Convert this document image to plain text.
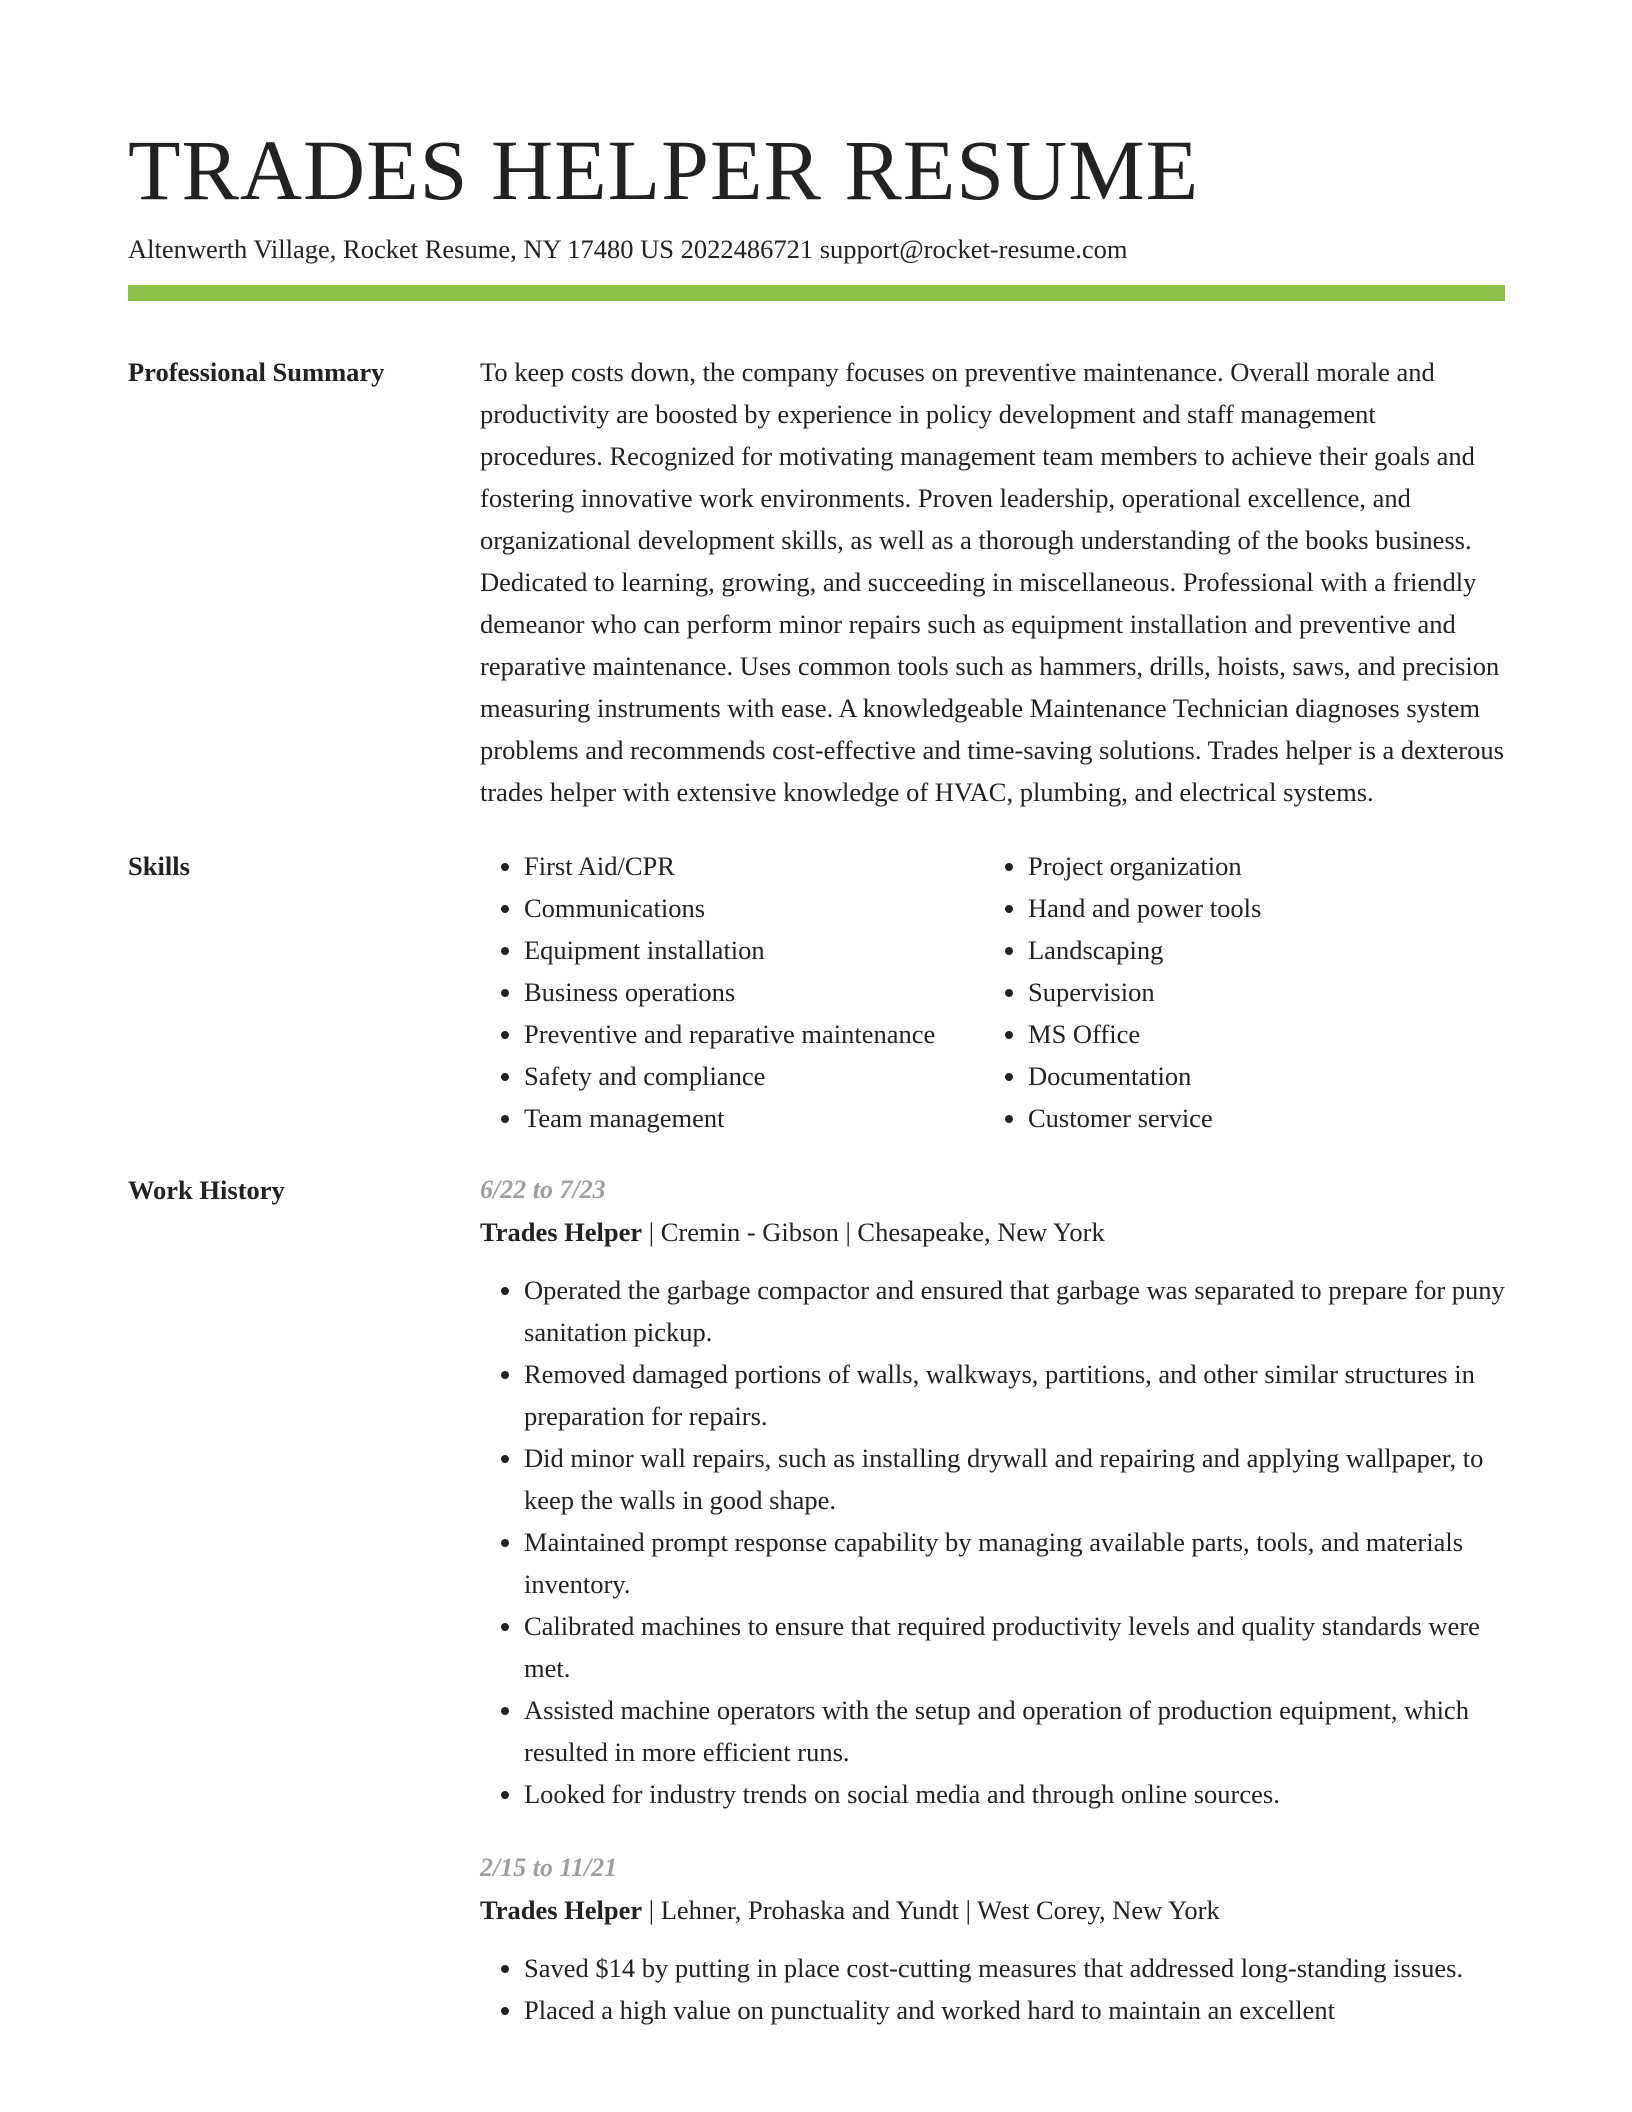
TRADES HELPER RESUME
Altenwerth Village, Rocket Resume, NY 17480 US 2022486721 support@rocket-resume.com
Professional Summary	To keep costs down, the company focuses on preventive maintenance. Overall morale and productivity are boosted by experience in policy development and staff management procedures. Recognized for motivating management team members to achieve their goals and fostering innovative work environments. Proven leadership, operational excellence, and organizational development skills, as well as a thorough understanding of the books business. Dedicated to learning, growing, and succeeding in miscellaneous. Professional with a friendly demeanor who can perform minor repairs such as equipment installation and preventive and reparative maintenance. Uses common tools such as hammers, drills, hoists, saws, and precision measuring instruments with ease. A knowledgeable Maintenance Technician diagnoses system problems and recommends cost-effective and time-saving solutions. Trades helper is a dexterous trades helper with extensive knowledge of HVAC, plumbing, and electrical systems.
Skills
•	First Aid/CPR
• Communications
• Equipment installation
• Business operations
• Preventive and reparative maintenance
• Safety and compliance
• Team management
• Project organization
• Hand and power tools
• Landscaping
• Supervision
• MS Office
• Documentation
• Customer service
Work History	6/22 to 7/23
Trades Helper | Cremin - Gibson | Chesapeake, New York
• Operated the garbage compactor and ensured that garbage was separated to prepare for puny sanitation pickup.
• Removed damaged portions of walls, walkways, partitions, and other similar structures in preparation for repairs.
• Did minor wall repairs, such as installing drywall and repairing and applying wallpaper, to keep the walls in good shape.
• Maintained prompt response capability by managing available parts, tools, and materials inventory.
• Calibrated machines to ensure that required productivity levels and quality standards were met.
• Assisted machine operators with the setup and operation of production equipment, which resulted in more efficient runs.
• Looked for industry trends on social media and through online sources.
2/15 to 11/21
Trades Helper | Lehner, Prohaska and Yundt | West Corey, New York
• Saved $14 by putting in place cost-cutting measures that addressed long-standing issues.
• Placed a high value on punctuality and worked hard to maintain an excellent
